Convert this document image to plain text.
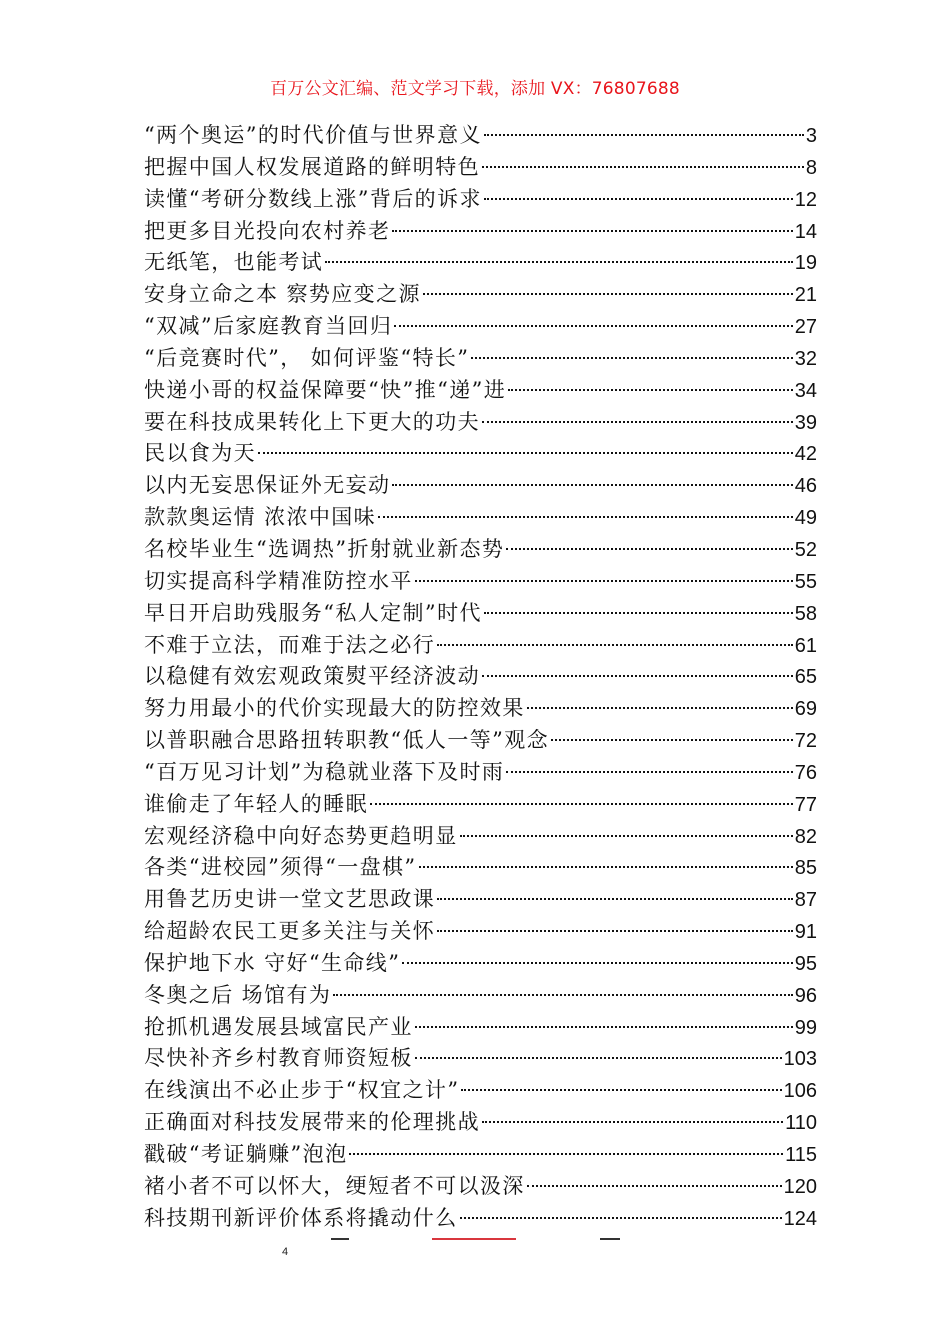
百万公文汇编、范文学习下载，添加 VX：76807688
“两个奥运”的时代价值与世界意义	3
把握中国人权发展道路的鲜明特色	8
读懂“考研分数线上涨”背后的诉求	12
把更多目光投向农村养老	14
无纸笔，也能考试	19
安身立命之本 察势应变之源	21
“双减”后家庭教育当回归	27
“后竞赛时代”， 如何评鉴“特长”	32
快递小哥的权益保障要“快”推“递”进	34
要在科技成果转化上下更大的功夫	39
民以食为天	42
以内无妄思保证外无妄动	46
款款奥运情 浓浓中国味	49
名校毕业生“选调热”折射就业新态势	52
切实提高科学精准防控水平	55
早日开启助残服务“私人定制”时代	58
不难于立法，而难于法之必行	61
以稳健有效宏观政策熨平经济波动	65
努力用最小的代价实现最大的防控效果	69
以普职融合思路扭转职教“低人一等”观念	72
“百万见习计划”为稳就业落下及时雨	76
谁偷走了年轻人的睡眠	77
宏观经济稳中向好态势更趋明显	82
各类“进校园”须得“一盘棋”	85
用鲁艺历史讲一堂文艺思政课	87
给超龄农民工更多关注与关怀	91
保护地下水 守好“生命线”	95
冬奥之后 场馆有为	96
抢抓机遇发展县域富民产业	99
尽快补齐乡村教育师资短板	103
在线演出不必止步于“权宜之计”	106
正确面对科技发展带来的伦理挑战	110
戳破“考证躺赚”泡泡	115
褚小者不可以怀大，绠短者不可以汲深	120
科技期刊新评价体系将撬动什么	124
4
